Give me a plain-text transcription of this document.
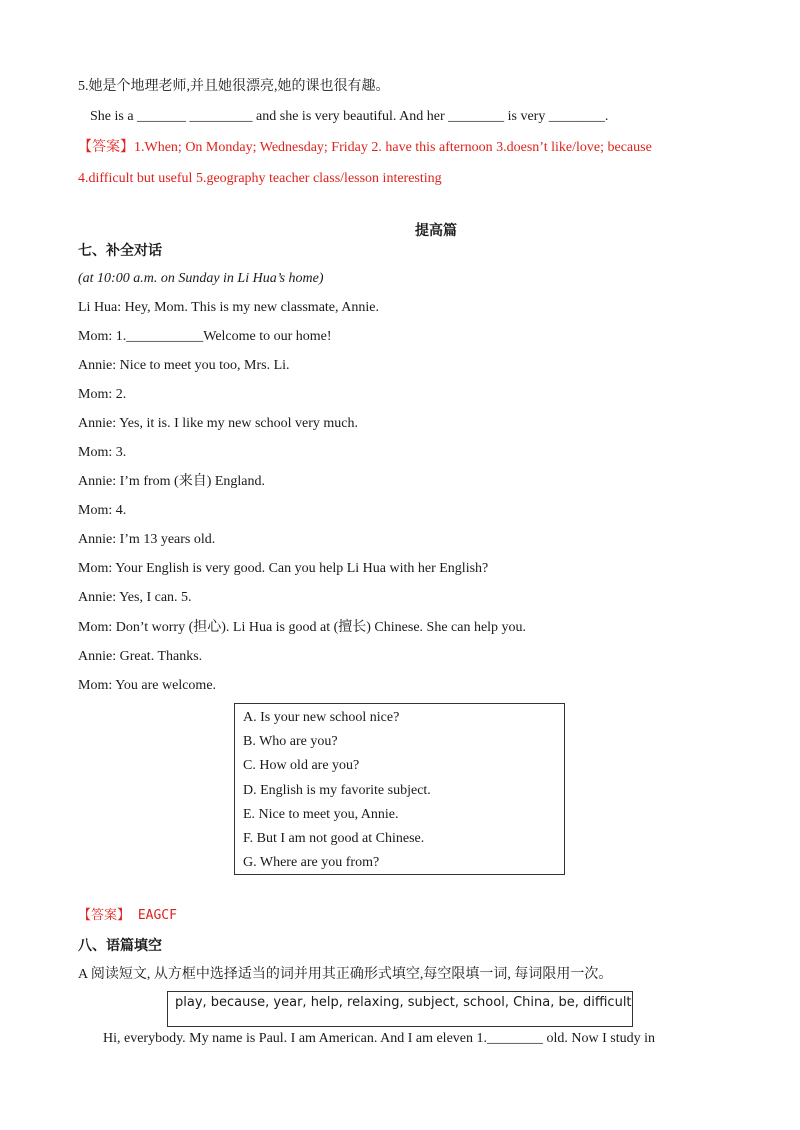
5.她是个地理老师,并且她很漂亮,她的课也很有趣。
She is a _______ _________ and she is very beautiful. And her ________ is very ________.
【答案】1.When; On Monday; Wednesday; Friday 2. have this afternoon 3.doesn’t like/love; because
4.difficult but useful 5.geography teacher class/lesson interesting
提高篇
七、补全对话
(at 10:00 a.m. on Sunday in Li Hua’s home)
Li Hua: Hey, Mom. This is my new classmate, Annie.
Mom: 1.___________Welcome to our home!
Annie: Nice to meet you too, Mrs. Li.
Mom: 2.
Annie: Yes, it is. I like my new school very much.
Mom: 3.
Annie: I’m from (来自) England.
Mom: 4.
Annie: I’m 13 years old.
Mom: Your English is very good. Can you help Li Hua with her English?
Annie: Yes, I can. 5.
Mom: Don’t worry (担心). Li Hua is good at (擅长) Chinese. She can help you.
Annie: Great. Thanks.
Mom: You are welcome.
A. Is your new school nice?
B. Who are you?
C. How old are you?
D. English is my favorite subject.
E. Nice to meet you, Annie.
F. But I am not good at Chinese.
G. Where are you from?
【答案】 EAGCF
八、语篇填空
A 阅读短文, 从方框中选择适当的词并用其正确形式填空,每空限填一词, 每词限用一次。
play, because, year, help, relaxing, subject, school, China, be, difficult
Hi, everybody. My name is Paul. I am American. And I am eleven 1.________ old. Now I study in
